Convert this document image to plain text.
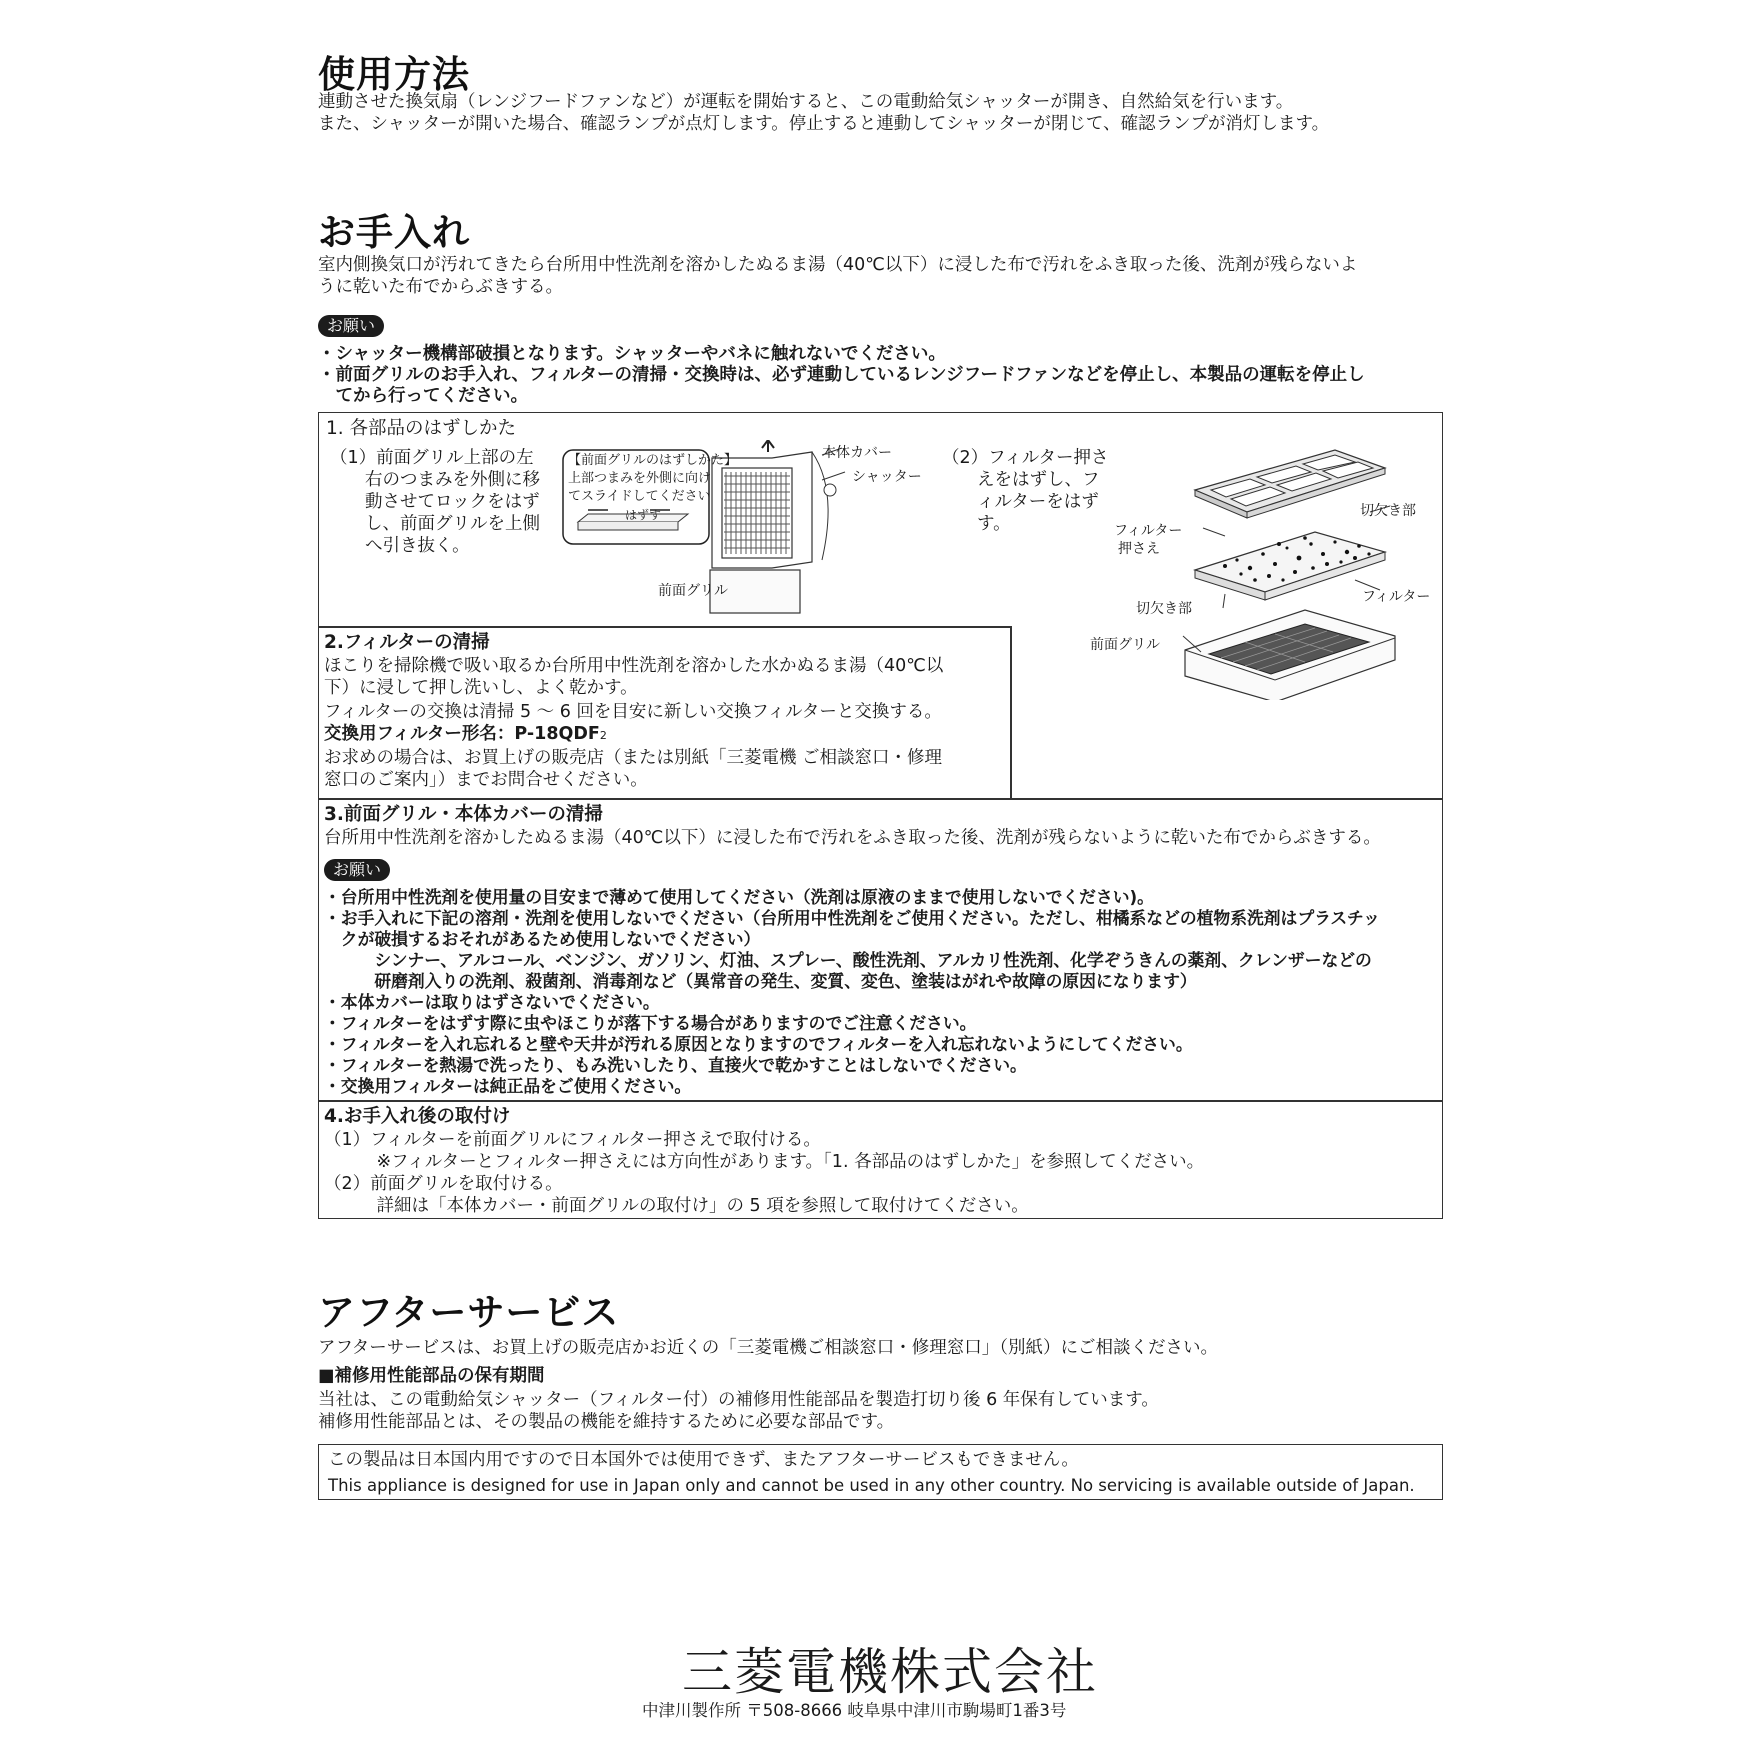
使用方法
連動させた換気扇（レンジフードファンなど）が運転を開始すると、この電動給気シャッターが開き、自然給気を行います。
また、シャッターが開いた場合、確認ランプが点灯します。停止すると連動してシャッターが閉じて、確認ランプが消灯します。
お手入れ
室内側換気口が汚れてきたら台所用中性洗剤を溶かしたぬるま湯（40℃以下）に浸した布で汚れをふき取った後、洗剤が残らないよ
うに乾いた布でからぶきする。
お願い
・シャッター機構部破損となります。シャッターやバネに触れないでください。
・前面グリルのお手入れ、フィルターの清掃・交換時は、必ず連動しているレンジフードファンなどを停止し、本製品の運転を停止し
　てから行ってください。
1. 各部品のはずしかた
（1）前面グリル上部の左
　　右のつまみを外側に移
　　動させてロックをはず
　　し、前面グリルを上側
　　へ引き抜く。
【前面グリルのはずしかた】
上部つまみを外側に向け
てスライドしてください
はずす
本体カバー
シャッター
前面グリル
（2）フィルター押さ
　　えをはずし、フ
　　ィルターをはず
　　す。
切欠き部
フィルター
押さえ
フィルター
切欠き部
前面グリル
2.フィルターの清掃
ほこりを掃除機で吸い取るか台所用中性洗剤を溶かした水かぬるま湯（40℃以
下）に浸して押し洗いし、よく乾かす。
フィルターの交換は清掃 5 ～ 6 回を目安に新しい交換フィルターと交換する。
交換用フィルター形名：P-18QDF2
お求めの場合は、お買上げの販売店（または別紙「三菱電機 ご相談窓口・修理
窓口のご案内」）までお問合せください。
3.前面グリル・本体カバーの清掃
台所用中性洗剤を溶かしたぬるま湯（40℃以下）に浸した布で汚れをふき取った後、洗剤が残らないように乾いた布でからぶきする。
お願い
・台所用中性洗剤を使用量の目安まで薄めて使用してください（洗剤は原液のままで使用しないでください)。
・お手入れに下記の溶剤・洗剤を使用しないでください（台所用中性洗剤をご使用ください。ただし、柑橘系などの植物系洗剤はプラスチッ
　クが破損するおそれがあるため使用しないでください）
　　　シンナー、アルコール、ベンジン、ガソリン、灯油、スプレー、酸性洗剤、アルカリ性洗剤、化学ぞうきんの薬剤、クレンザーなどの
　　　研磨剤入りの洗剤、殺菌剤、消毒剤など（異常音の発生、変質、変色、塗装はがれや故障の原因になります）
・本体カバーは取りはずさないでください。
・フィルターをはずす際に虫やほこりが落下する場合がありますのでご注意ください。
・フィルターを入れ忘れると壁や天井が汚れる原因となりますのでフィルターを入れ忘れないようにしてください。
・フィルターを熱湯で洗ったり、もみ洗いしたり、直接火で乾かすことはしないでください。
・交換用フィルターは純正品をご使用ください。
4.お手入れ後の取付け
（1）フィルターを前面グリルにフィルター押さえで取付ける。
　　　※フィルターとフィルター押さえには方向性があります。「1. 各部品のはずしかた」を参照してください。
（2）前面グリルを取付ける。
　　　詳細は「本体カバー・前面グリルの取付け」の 5 項を参照して取付けてください。
アフターサービス
アフターサービスは、お買上げの販売店かお近くの「三菱電機ご相談窓口・修理窓口」（別紙）にご相談ください。
■補修用性能部品の保有期間
当社は、この電動給気シャッター（フィルター付）の補修用性能部品を製造打切り後 6 年保有しています。
補修用性能部品とは、その製品の機能を維持するために必要な部品です。
この製品は日本国内用ですので日本国外では使用できず、またアフターサービスもできません。
This appliance is designed for use in Japan only and cannot be used in any other country. No servicing is available outside of Japan.
三菱電機株式会社
中津川製作所 〒508-8666 岐阜県中津川市駒場町1番3号
